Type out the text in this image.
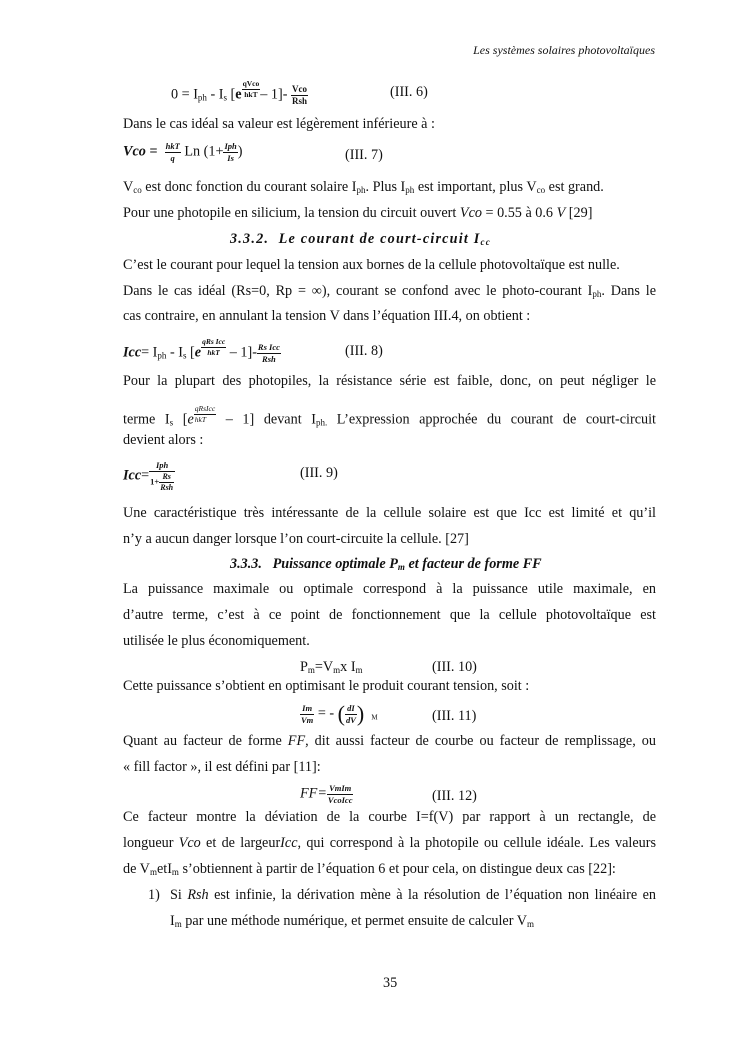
Les systèmes solaires photovoltaïques
$0 = I_{ph} - I_s$ $[e \frac{\text{qVco}}{\text{hkT}} - 1]- \frac{\text{Vco}}{\text{Rsh}}$	(III. 6)
Dans le cas idéal sa valeur est légèrement inférieure à :
Vco = $\frac{\text{hkT}}{q}$ Ln ($1+ \frac{\text{Iph}}{Is}$ )	(III. 7)
$V_{co}$ est donc fonction du courant solaire $I_{ph}$. Plus $I_{ph}$ est important, plus $V_{co}$ est grand.
Pour une photopile en silicium, la tension du circuit ouvert Vco = 0.55 à 0.6 V [29]
3.3.2. Le courant de court-circuit $I_{cc}$
C’est le courant pour lequel la tension aux bornes de la cellule photovoltaïque est nulle.
Dans le cas idéal (Rs=0, Rp = ∞), courant se confond avec le photo-courant $I_{ph}$. Dans le
cas contraire, en annulant la tension V dans l’équation III.4, on obtient :
$Icc= I_{ph} - I_s$ $[e \frac{\text{qRs Icc}}{\text{hkT}} - 1]- \frac{\text{Rs Icc}}{\text{Rsh}}$	(III. 8)
Pour la plupart des photopiles, la résistance série est faible, donc, on peut négliger le
terme $I_s$ $[e \frac{\text{qRsIcc}}{\text{hkT}} - 1]$ devant $I_{ph.}$ L’expression approchée du courant de court-circuit
devient alors :
$Icc= \frac{\text{Iph}}{1+ \frac{Rs}{\text{Rsh}}}$	(III. 9)
Une caractéristique très intéressante de la cellule solaire est que Icc est limité et qu’il
n’y a aucun danger lorsque l’on court-circuite la cellule. [27]
3.3.3. Puissance optimale $P_m$ et facteur de forme FF
La puissance maximale ou optimale correspond à la puissance utile maximale, en
d’autre terme, c’est à ce point de fonctionnement que la cellule photovoltaïque est
utilisée le plus économiquement.
$P_m=V_mx$ $I_m$	(III. 10)
Cette puissance s’obtient en optimisant le produit courant tension, soit :
$\frac{Im}{Vm}$ = - ( $\frac{dI}{dV}$ ) $_M$	(III. 11)
Quant au facteur de forme FF, dit aussi facteur de courbe ou facteur de remplissage, ou
« fill factor », il est défini par [11]:
$FF= \frac{\text{VmIm}}{\text{VcoIcc}}$	(III. 12)
Ce facteur montre la déviation de la courbe I=f(V) par rapport à un rectangle, de
longueur Vco et de largeurIcc, qui correspond à la photopile ou cellule idéale. Les valeurs
de $V_metI_m$ s’obtiennent à partir de l’équation 6 et pour cela, on distingue deux cas [22]:
1) Si Rsh est infinie, la dérivation mène à la résolution de l’équation non linéaire en
$I_m$ par une méthode numérique, et permet ensuite de calculer $V_m$
35
